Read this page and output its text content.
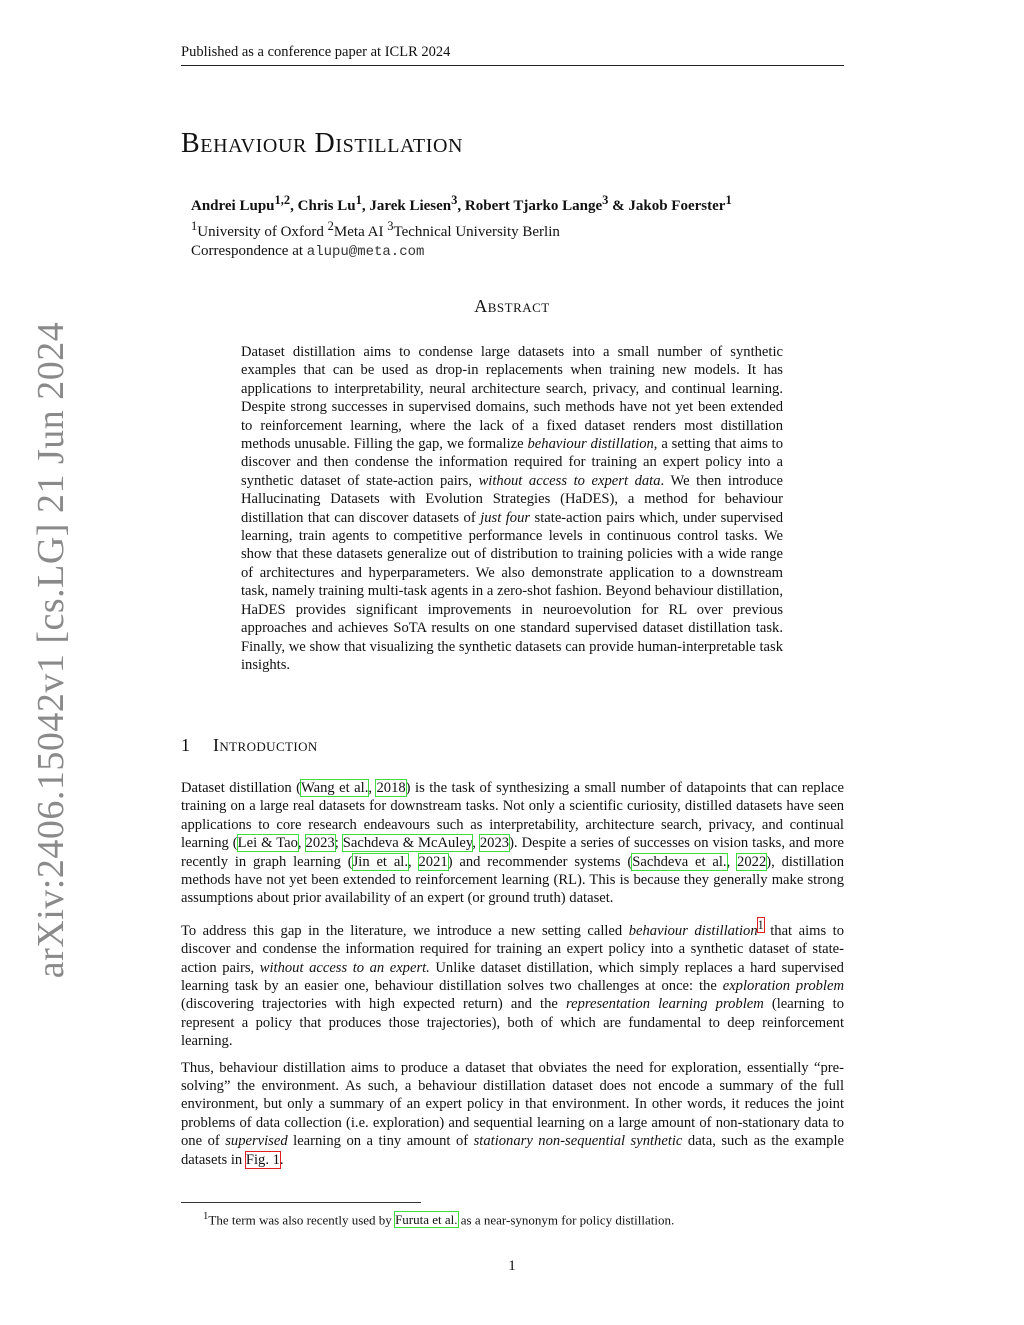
Published as a conference paper at ICLR 2024
arXiv:2406.15042v1 [cs.LG] 21 Jun 2024
Behaviour Distillation
Andrei Lupu$^{1,2}$, Chris Lu$^1$, Jarek Liesen$^3$, Robert Tjarko Lange$^3$ & Jakob Foerster$^1$
$^1$University of Oxford $^2$Meta AI $^3$Technical University Berlin
Correspondence at alupu@meta.com
Abstract
Dataset distillation aims to condense large datasets into a small number of synthetic examples that can be used as drop-in replacements when training new models. It has applications to interpretability, neural architecture search, privacy, and continual learning. Despite strong successes in supervised domains, such methods have not yet been extended to reinforcement learning, where the lack of a fixed dataset renders most distillation methods unusable. Filling the gap, we formalize behaviour distillation, a setting that aims to discover and then condense the information required for training an expert policy into a synthetic dataset of state-action pairs, without access to expert data. We then introduce Hallucinating Datasets with Evolution Strategies (HaDES), a method for behaviour distillation that can discover datasets of just four state-action pairs which, under supervised learning, train agents to competitive performance levels in continuous control tasks. We show that these datasets generalize out of distribution to training policies with a wide range of architectures and hyperparameters. We also demonstrate application to a downstream task, namely training multi-task agents in a zero-shot fashion. Beyond behaviour distillation, HaDES provides significant improvements in neuroevolution for RL over previous approaches and achieves SoTA results on one standard supervised dataset distillation task. Finally, we show that visualizing the synthetic datasets can provide human-interpretable task insights.
1 Introduction

Dataset distillation (Wang et al., 2018) is the task of synthesizing a small number of datapoints that can replace training on a large real datasets for downstream tasks. Not only a scientific curiosity, distilled datasets have seen applications to core research endeavours such as interpretability, architecture search, privacy, and continual learning (Lei & Tao, 2023; Sachdeva & McAuley, 2023). Despite a series of successes on vision tasks, and more recently in graph learning (Jin et al., 2021) and recommender systems (Sachdeva et al., 2022), distillation methods have not yet been extended to reinforcement learning (RL). This is because they generally make strong assumptions about prior availability of an expert (or ground truth) dataset.

To address this gap in the literature, we introduce a new setting called behaviour distillation$^1$ that aims to discover and condense the information required for training an expert policy into a synthetic dataset of state-action pairs, without access to an expert. Unlike dataset distillation, which simply replaces a hard supervised learning task by an easier one, behaviour distillation solves two challenges at once: the exploration problem (discovering trajectories with high expected return) and the representation learning problem (learning to represent a policy that produces those trajectories), both of which are fundamental to deep reinforcement learning.

Thus, behaviour distillation aims to produce a dataset that obviates the need for exploration, essentially “pre-solving” the environment. As such, a behaviour distillation dataset does not encode a summary of the full environment, but only a summary of an expert policy in that environment. In other words, it reduces the joint problems of data collection (i.e. exploration) and sequential learning on a large amount of non-stationary data to one of supervised learning on a tiny amount of stationary non-sequential synthetic data, such as the example datasets in Fig. 1.

$^1$The term was also recently used by Furuta et al. as a near-synonym for policy distillation.
1
